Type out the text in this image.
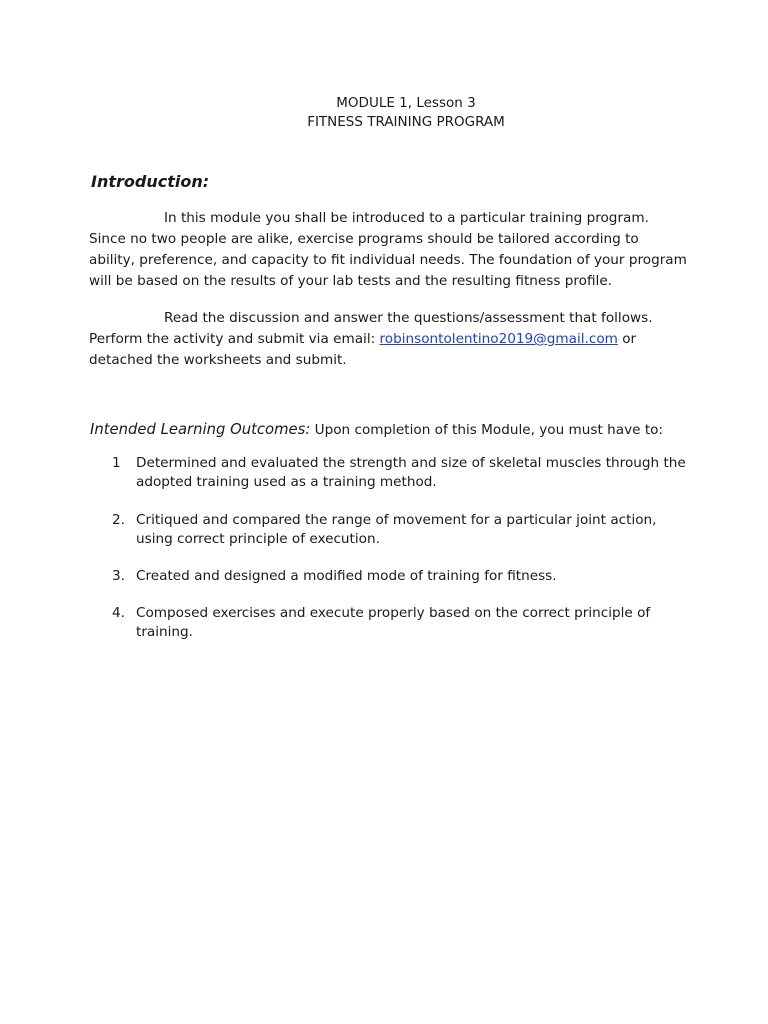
MODULE 1, Lesson 3
FITNESS TRAINING PROGRAM
Introduction:
In this module you shall be introduced to a particular training program. Since no two people are alike, exercise programs should be tailored according to ability, preference, and capacity to fit individual needs. The foundation of your program will be based on the results of your lab tests and the resulting fitness profile.
Read the discussion and answer the questions/assessment that follows. Perform the activity and submit via email: robinsontolentino2019@gmail.com or detached the worksheets and submit.
Intended Learning Outcomes: Upon completion of this Module, you must have to:
1 Determined and evaluated the strength and size of skeletal muscles through the adopted training used as a training method.
2. Critiqued and compared the range of movement for a particular joint action, using correct principle of execution.
3. Created and designed a modified mode of training for fitness.
4. Composed exercises and execute properly based on the correct principle of training.
